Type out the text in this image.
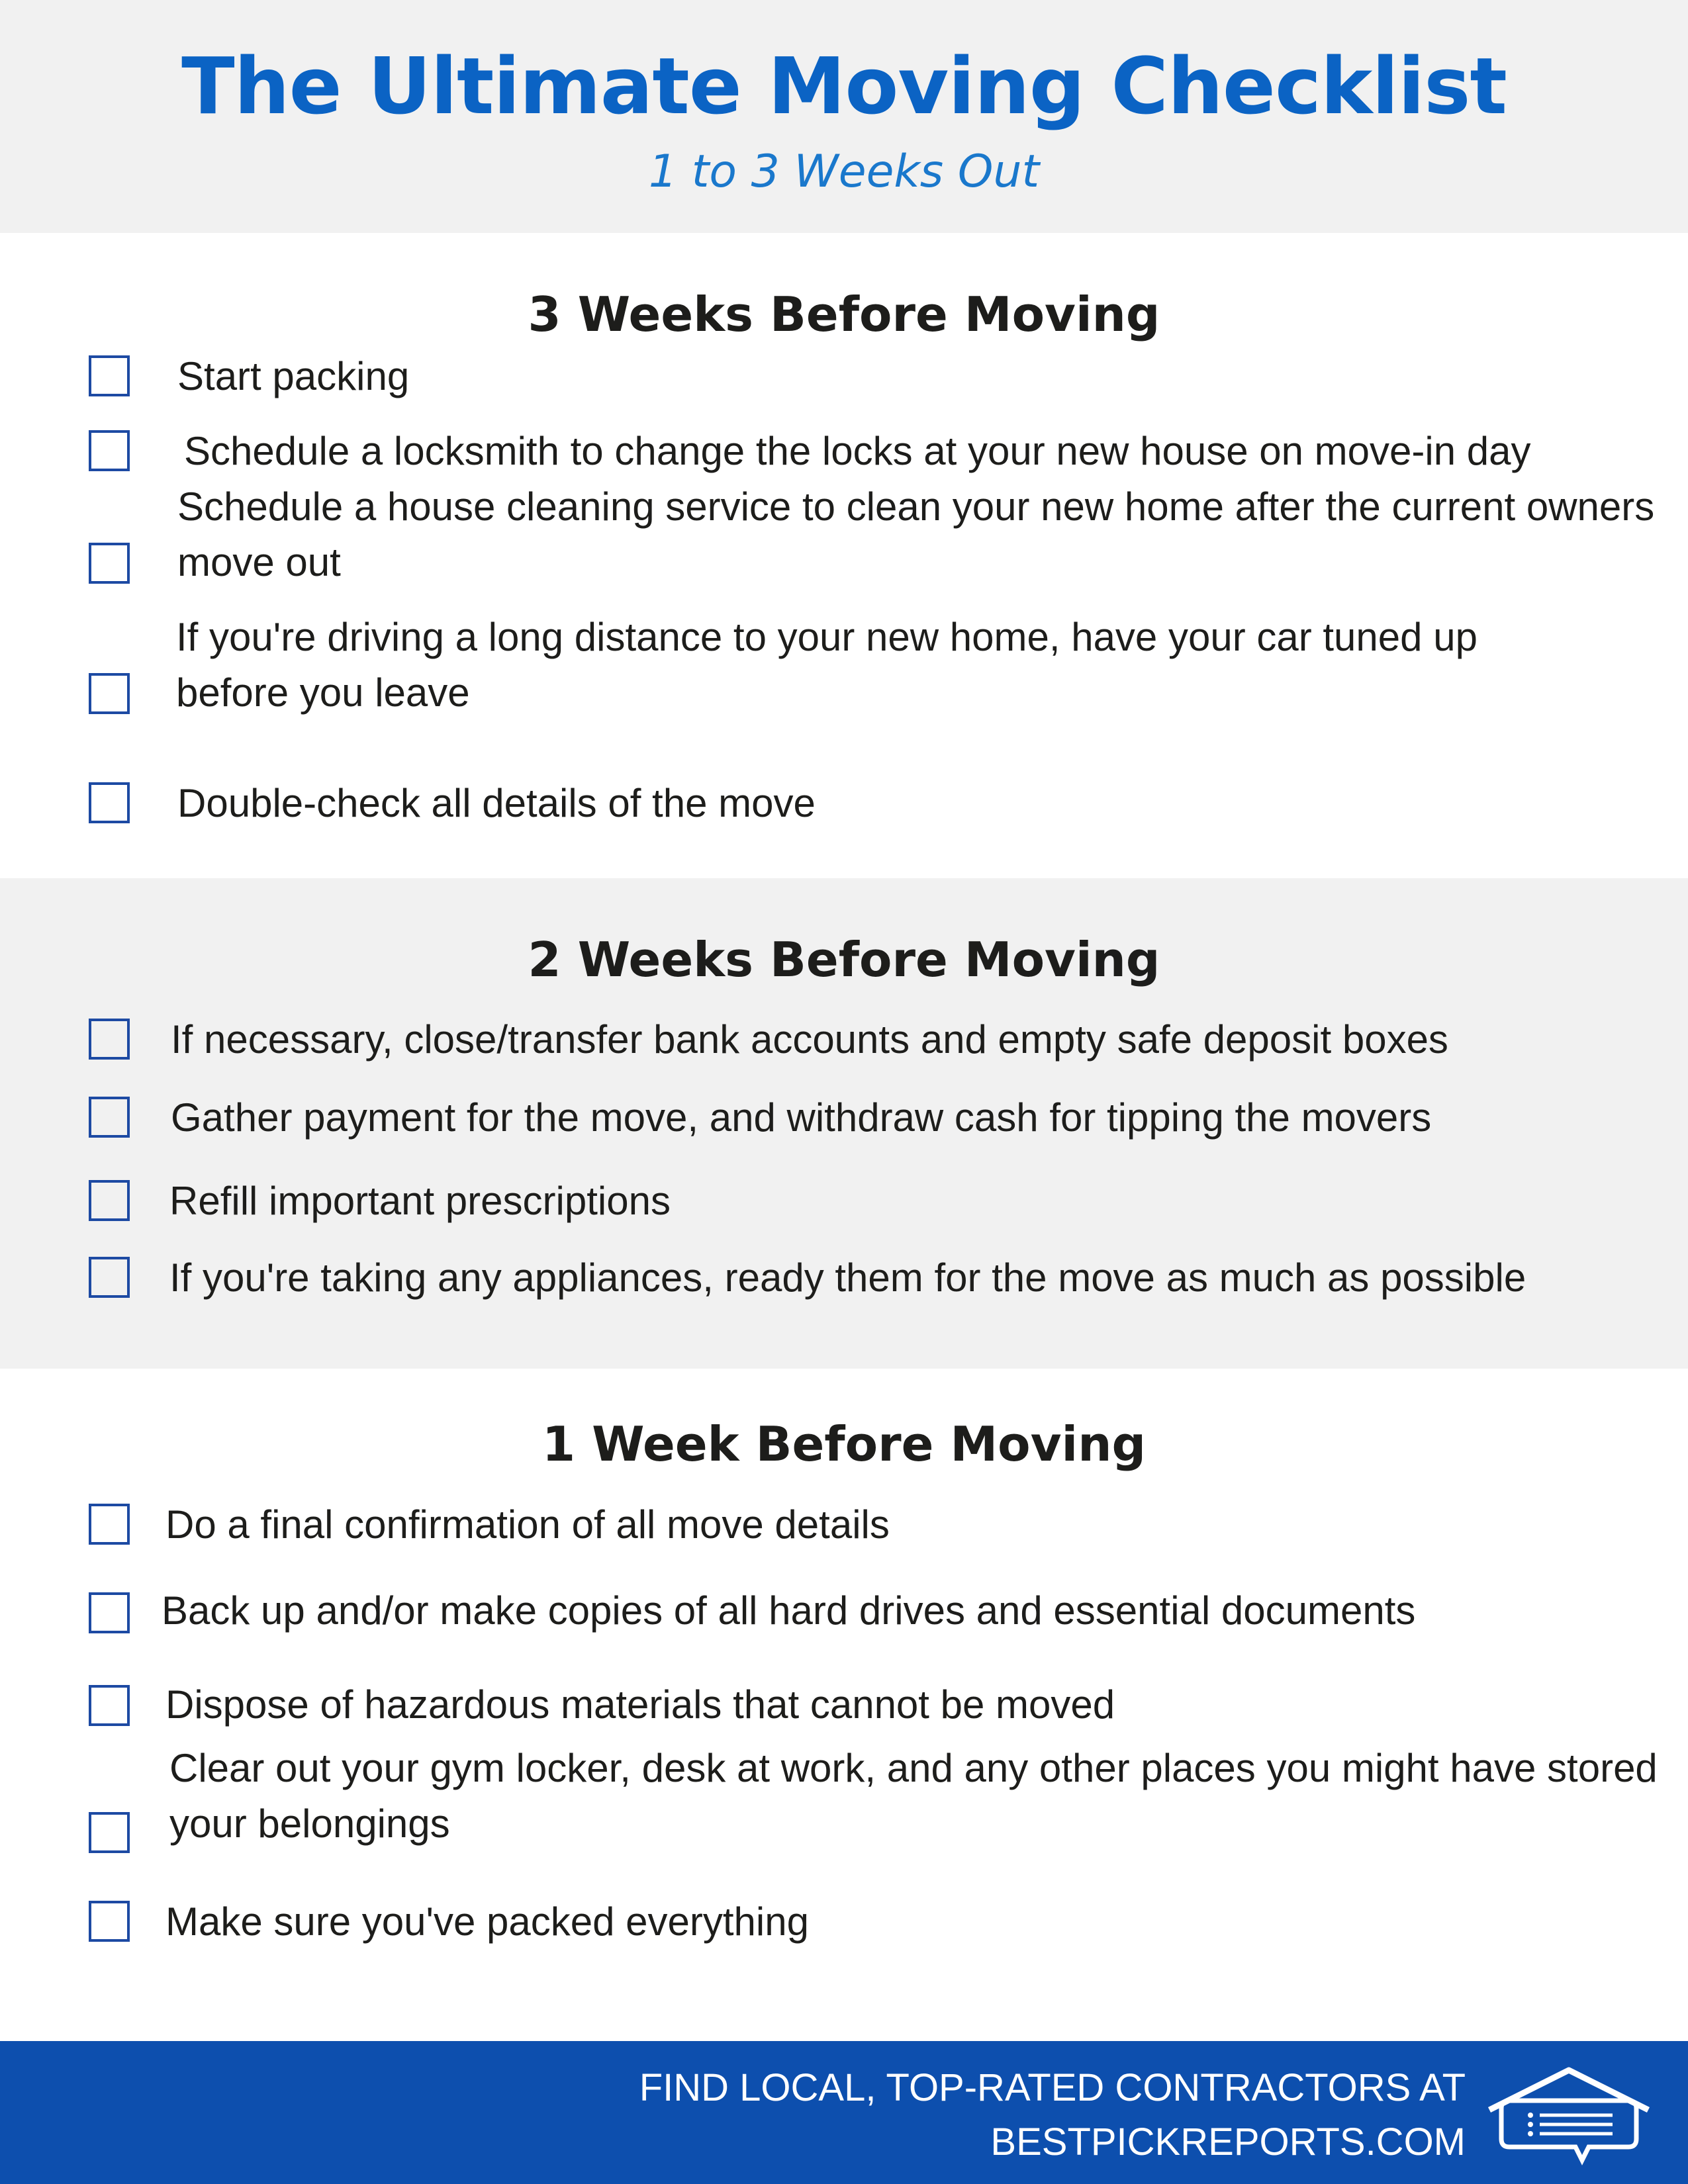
The Ultimate Moving Checklist
1 to 3 Weeks Out
3 Weeks Before Moving
Start packing
Schedule a locksmith to change the locks at your new house on move-in day
Schedule a house cleaning service to clean your new home after the current owners move out
If you're driving a long distance to your new home, have your car tuned up before you leave
Double-check all details of the move
2 Weeks Before Moving
If necessary, close/transfer bank accounts and empty safe deposit boxes
Gather payment for the move, and withdraw cash for tipping the movers
Refill important prescriptions
If you're taking any appliances, ready them for the move as much as possible
1 Week Before Moving
Do a final confirmation of all move details
Back up and/or make copies of all hard drives and essential documents
Dispose of hazardous materials that cannot be moved
Clear out your gym locker, desk at work, and any other places you might have stored your belongings
Make sure you've packed everything
FIND LOCAL, TOP-RATED CONTRACTORS AT
BESTPICKREPORTS.COM
